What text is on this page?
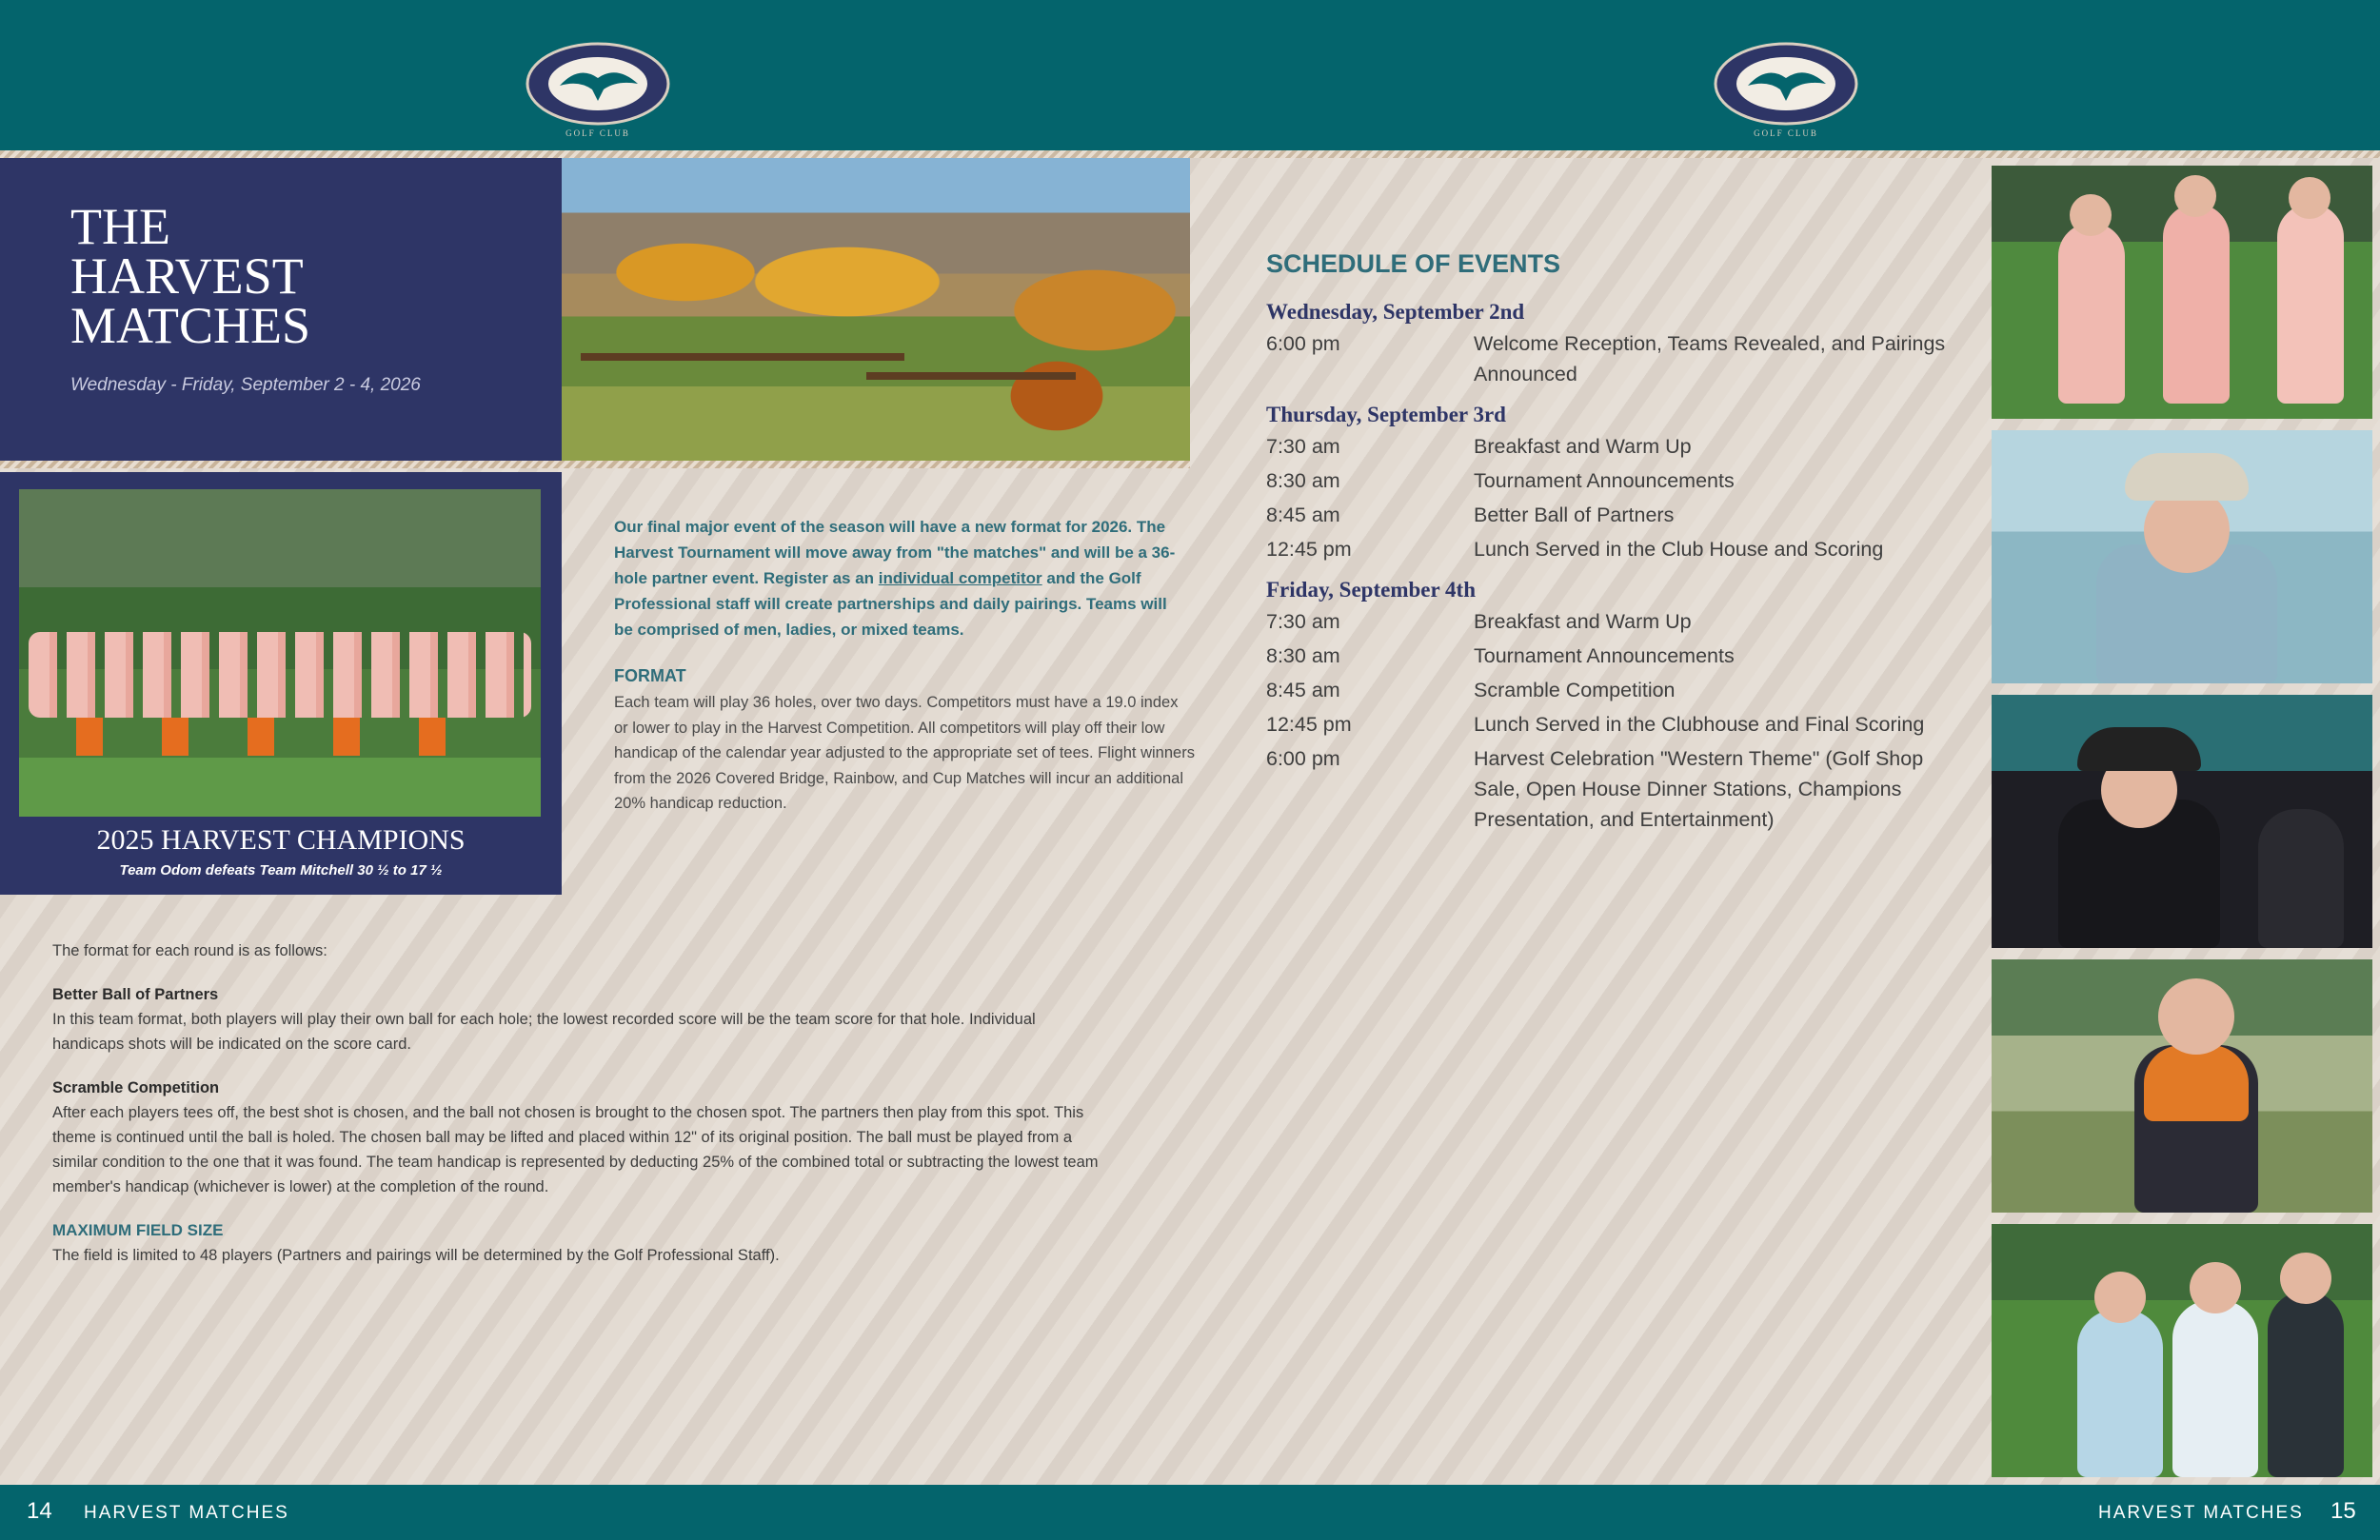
GOLF CLUB	GOLF CLUB
THE
HARVEST
MATCHES
Wednesday - Friday, September 2 - 4, 2026
2025 HARVEST CHAMPIONS
Team Odom defeats Team Mitchell 30 ½ to 17 ½
Our final major event of the season will have a new format for 2026. The Harvest Tournament will move away from "the matches" and will be a 36-hole partner event. Register as an individual competitor and the Golf Professional staff will create partnerships and daily pairings. Teams will be comprised of men, ladies, or mixed teams.
FORMAT
Each team will play 36 holes, over two days. Competitors must have a 19.0 index or lower to play in the Harvest Competition. All competitors will play off their low handicap of the calendar year adjusted to the appropriate set of tees. Flight winners from the 2026 Covered Bridge, Rainbow, and Cup Matches will incur an additional 20% handicap reduction.
The format for each round is as follows:
Better Ball of Partners
In this team format, both players will play their own ball for each hole; the lowest recorded score will be the team score for that hole. Individual handicaps shots will be indicated on the score card.
Scramble Competition
After each players tees off, the best shot is chosen, and the ball not chosen is brought to the chosen spot. The partners then play from this spot. This theme is continued until the ball is holed. The chosen ball may be lifted and placed within 12" of its original position. The ball must be played from a similar condition to the one that it was found. The team handicap is represented by deducting 25% of the combined total or subtracting the lowest team member's handicap (whichever is lower) at the completion of the round.
MAXIMUM FIELD SIZE
The field is limited to 48 players (Partners and pairings will be determined by the Golf Professional Staff).
SCHEDULE OF EVENTS
Wednesday, September 2nd
6:00 pm	Welcome Reception, Teams Revealed, and Pairings Announced
Thursday, September 3rd
7:30 am	Breakfast and Warm Up
8:30 am	Tournament Announcements
8:45 am	Better Ball of Partners
12:45 pm	Lunch Served in the Club House and Scoring
Friday, September 4th
7:30 am	Breakfast and Warm Up
8:30 am	Tournament Announcements
8:45 am	Scramble Competition
12:45 pm	Lunch Served in the Clubhouse and Final Scoring
6:00 pm	Harvest Celebration "Western Theme" (Golf Shop Sale, Open House Dinner Stations, Champions Presentation, and Entertainment)
14 HARVEST MATCHES	HARVEST MATCHES 15
